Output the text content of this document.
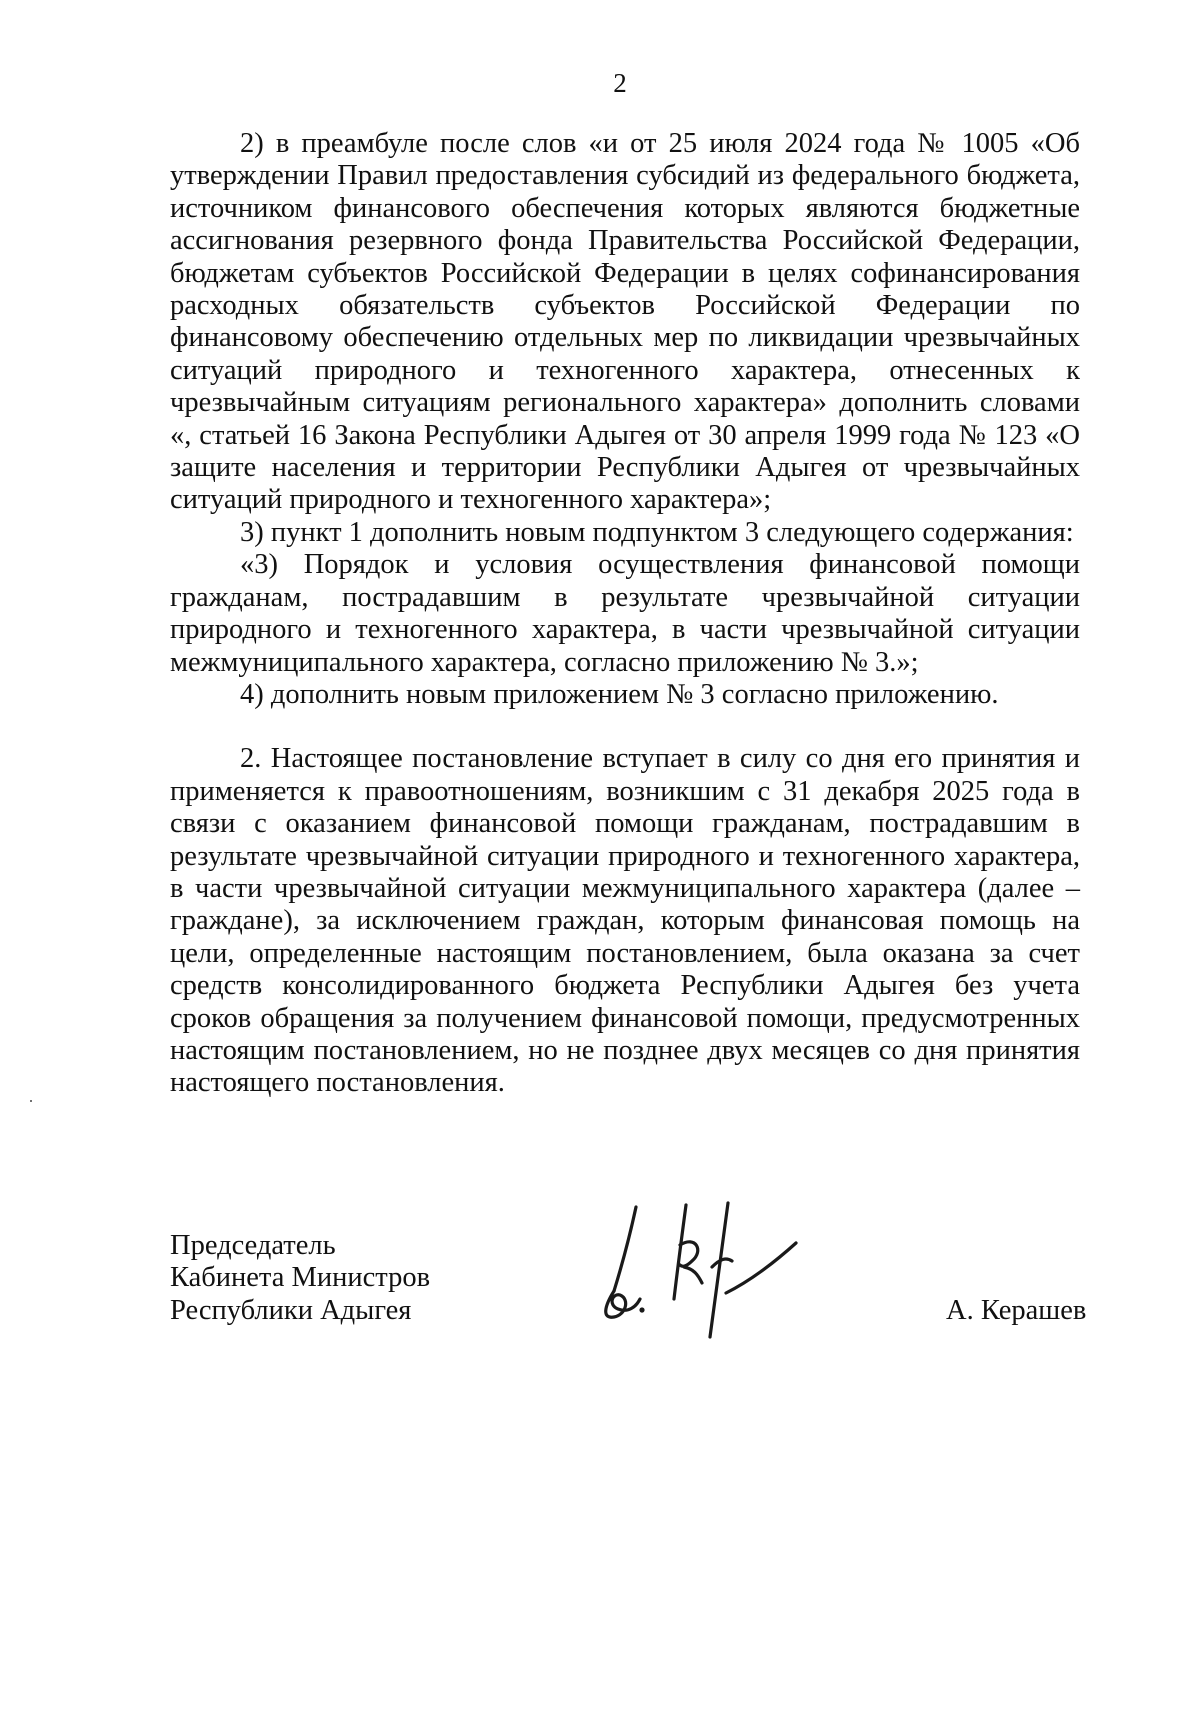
2

2) в преамбуле после слов «и от 25 июля 2024 года № 1005 «Об утверждении Правил предоставления субсидий из федерального бюджета, источником финансового обеспечения которых являются бюджетные ассигнования резервного фонда Правительства Российской Федерации, бюджетам субъектов Российской Федерации в целях софинансирования расходных обязательств субъектов Российской Федерации по финансовому обеспечению отдельных мер по ликвидации чрезвычайных ситуаций природного и техногенного характера, отнесенных к чрезвычайным ситуациям регионального характера» дополнить словами «, статьей 16 Закона Республики Адыгея от 30 апреля 1999 года № 123 «О защите населения и территории Республики Адыгея от чрезвычайных ситуаций природного и техногенного характера»;

3) пункт 1 дополнить новым подпунктом 3 следующего содержания:

«3) Порядок и условия осуществления финансовой помощи гражданам, пострадавшим в результате чрезвычайной ситуации природного и техногенного характера, в части чрезвычайной ситуации межмуниципального характера, согласно приложению № 3.»;

4) дополнить новым приложением № 3 согласно приложению.

2. Настоящее постановление вступает в силу со дня его принятия и применяется к правоотношениям, возникшим с 31 декабря 2025 года в связи с оказанием финансовой помощи гражданам, пострадавшим в результате чрезвычайной ситуации природного и техногенного характера, в части чрезвычайной ситуации межмуниципального характера (далее – граждане), за исключением граждан, которым финансовая помощь на цели, определенные настоящим постановлением, была оказана за счет средств консолидированного бюджета Республики Адыгея без учета сроков обращения за получением финансовой помощи, предусмотренных настоящим постановлением, но не позднее двух месяцев со дня принятия настоящего постановления.

Председатель
Кабинета Министров
Республики Адыгея	А. Керашев
